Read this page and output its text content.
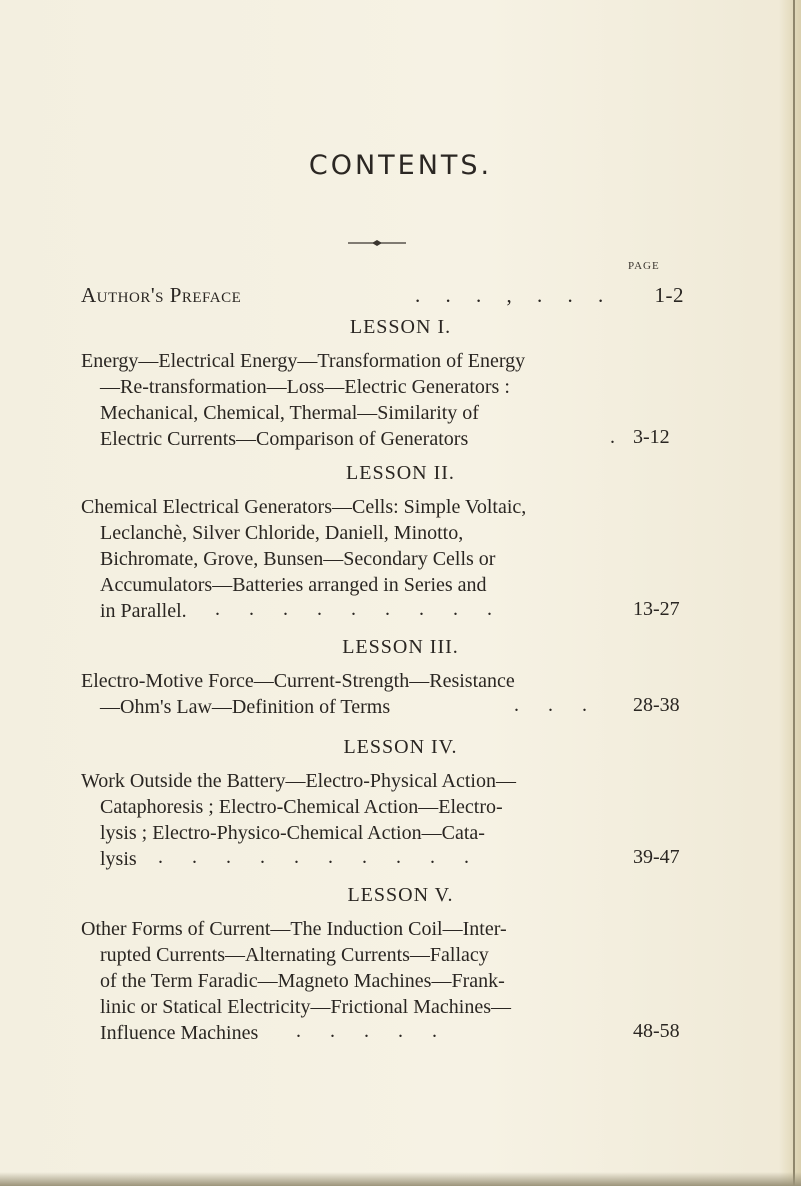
CONTENTS.
PAGE
Author's Preface	. . . , . . . 1-2
LESSON I.
Energy—Electrical Energy—Transformation of Energy
—Re-transformation—Loss—Electric Generators :
Mechanical, Chemical, Thermal—Similarity of
Electric Currents—Comparison of Generators	. 3-12
LESSON II.
Chemical Electrical Generators—Cells: Simple Voltaic,
Leclanchè, Silver Chloride, Daniell, Minotto,
Bichromate, Grove, Bunsen—Secondary Cells or
Accumulators—Batteries arranged in Series and
in Parallel.	. . . . . . . . .	13-27
LESSON III.
Electro-Motive Force—Current-Strength—Resistance
—Ohm's Law—Definition of Terms	. . . 28-38
LESSON IV.
Work Outside the Battery—Electro-Physical Action—
Cataphoresis ; Electro-Chemical Action—Electro-
lysis ; Electro-Physico-Chemical Action—Cata-
lysis	. . . . . . . . . .	39-47
LESSON V.
Other Forms of Current—The Induction Coil—Inter-
rupted Currents—Alternating Currents—Fallacy
of the Term Faradic—Magneto Machines—Frank-
linic or Statical Electricity—Frictional Machines—
Influence Machines	. . . . .	48-58
